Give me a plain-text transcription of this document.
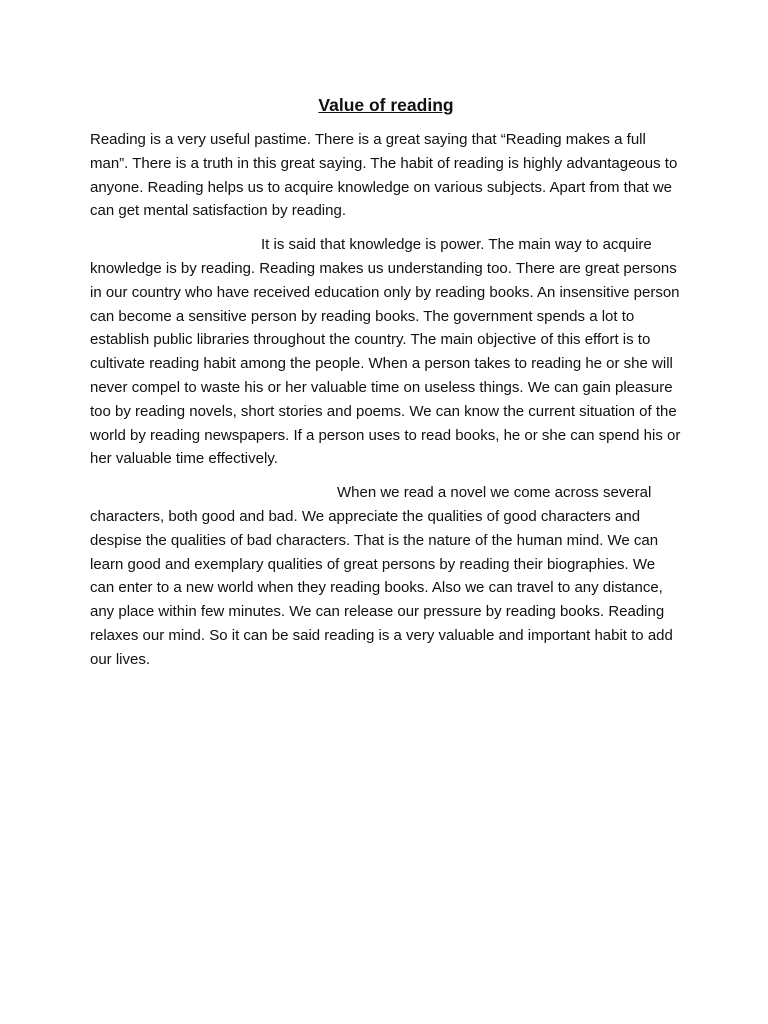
Value of reading

Reading is a very useful pastime. There is a great saying that “Reading makes a full man”. There is a truth in this great saying. The habit of reading is highly advantageous to anyone. Reading helps us to acquire knowledge on various subjects. Apart from that we can get mental satisfaction by reading.

It is said that knowledge is power. The main way to acquire knowledge is by reading. Reading makes us understanding too. There are great persons in our country who have received education only by reading books. An insensitive person can become a sensitive person by reading books. The government spends a lot to establish public libraries throughout the country. The main objective of this effort is to cultivate reading habit among the people. When a person takes to reading he or she will never compel to waste his or her valuable time on useless things. We can gain pleasure too by reading novels, short stories and poems. We can know the current situation of the world by reading newspapers. If a person uses to read books, he or she can spend his or her valuable time effectively.

When we read a novel we come across several characters, both good and bad. We appreciate the qualities of good characters and despise the qualities of bad characters. That is the nature of the human mind. We can learn good and exemplary qualities of great persons by reading their biographies. We can enter to a new world when they reading books. Also we can travel to any distance, any place within few minutes. We can release our pressure by reading books. Reading relaxes our mind. So it can be said reading is a very valuable and important habit to add our lives.
